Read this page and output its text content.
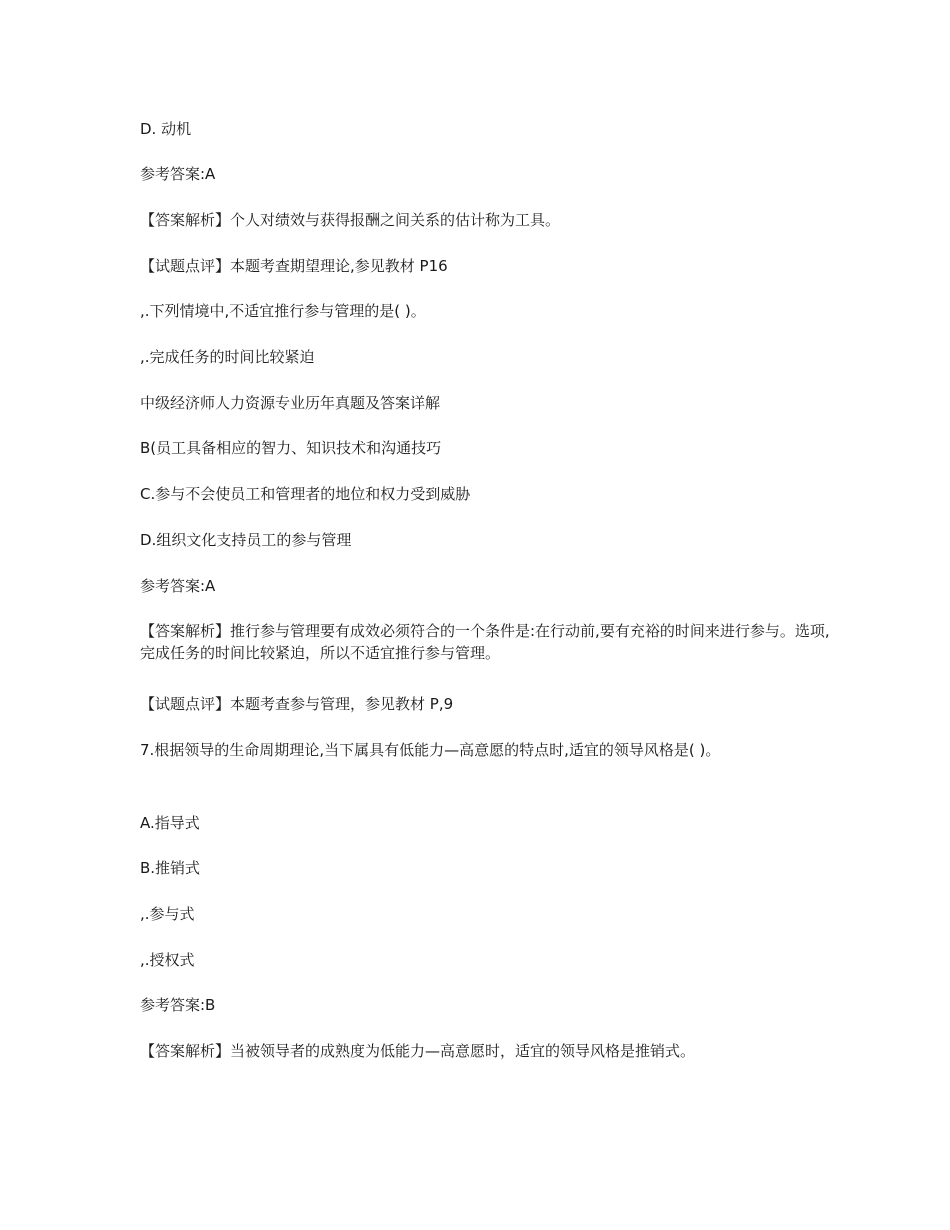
D. 动机
参考答案:A
【答案解析】个人对绩效与获得报酬之间关系的估计称为工具。
【试题点评】本题考查期望理论,参见教材 P16
,.下列情境中,不适宜推行参与管理的是( )。
,.完成任务的时间比较紧迫
中级经济师人力资源专业历年真题及答案详解
B(员工具备相应的智力、知识技术和沟通技巧
C.参与不会使员工和管理者的地位和权力受到威胁
D.组织文化支持员工的参与管理
参考答案:A
【答案解析】推行参与管理要有成效必须符合的一个条件是:在行动前,要有充裕的时间来进行参与。选项,完成任务的时间比较紧迫，所以不适宜推行参与管理。
【试题点评】本题考查参与管理，参见教材 P,9
7.根据领导的生命周期理论,当下属具有低能力—高意愿的特点时,适宜的领导风格是( )。
A.指导式
B.推销式
,.参与式
,.授权式
参考答案:B
【答案解析】当被领导者的成熟度为低能力—高意愿时，适宜的领导风格是推销式。
